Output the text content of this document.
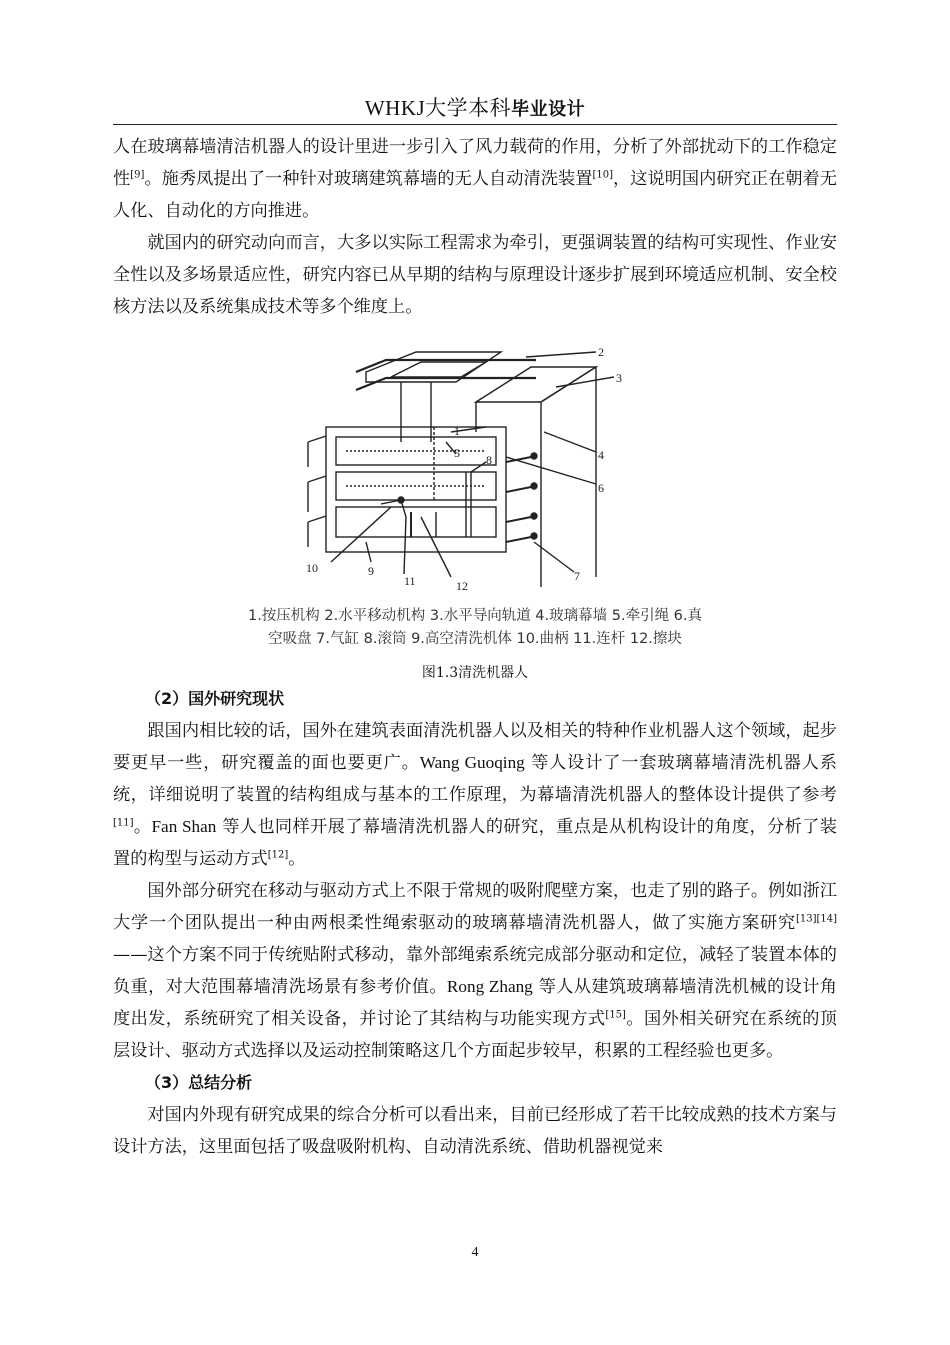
WHKJ大学本科毕业设计

人在玻璃幕墙清洁机器人的设计里进一步引入了风力载荷的作用，分析了外部扰动下的工作稳定性[9]。施秀凤提出了一种针对玻璃建筑幕墙的无人自动清洗装置[10]，这说明国内研究正在朝着无人化、自动化的方向推进。

就国内的研究动向而言，大多以实际工程需求为牵引，更强调装置的结构可实现性、作业安全性以及多场景适应性，研究内容已从早期的结构与原理设计逐步扩展到环境适应机制、安全校核方法以及系统集成技术等多个维度上。

2
3
1
4
5
6
7
8
9
10
11	12
1.按压机构 2.水平移动机构 3.水平导向轨道 4.玻璃幕墙 5.牵引绳 6.真
空吸盘 7.气缸 8.滚筒 9.高空清洗机体 10.曲柄 11.连杆 12.擦块
图1.3清洗机器人

（2）国外研究现状

跟国内相比较的话，国外在建筑表面清洗机器人以及相关的特种作业机器人这个领域，起步要更早一些，研究覆盖的面也要更广。Wang Guoqing 等人设计了一套玻璃幕墙清洗机器人系统，详细说明了装置的结构组成与基本的工作原理，为幕墙清洗机器人的整体设计提供了参考[11]。Fan Shan 等人也同样开展了幕墙清洗机器人的研究，重点是从机构设计的角度，分析了装置的构型与运动方式[12]。

国外部分研究在移动与驱动方式上不限于常规的吸附爬壁方案，也走了别的路子。例如浙江大学一个团队提出一种由两根柔性绳索驱动的玻璃幕墙清洗机器人，做了实施方案研究[13][14]——这个方案不同于传统贴附式移动，靠外部绳索系统完成部分驱动和定位，减轻了装置本体的负重，对大范围幕墙清洗场景有参考价值。Rong Zhang 等人从建筑玻璃幕墙清洗机械的设计角度出发，系统研究了相关设备，并讨论了其结构与功能实现方式[15]。国外相关研究在系统的顶层设计、驱动方式选择以及运动控制策略这几个方面起步较早，积累的工程经验也更多。

（3）总结分析

对国内外现有研究成果的综合分析可以看出来，目前已经形成了若干比较成熟的技术方案与设计方法，这里面包括了吸盘吸附机构、自动清洗系统、借助机器视觉来

4
